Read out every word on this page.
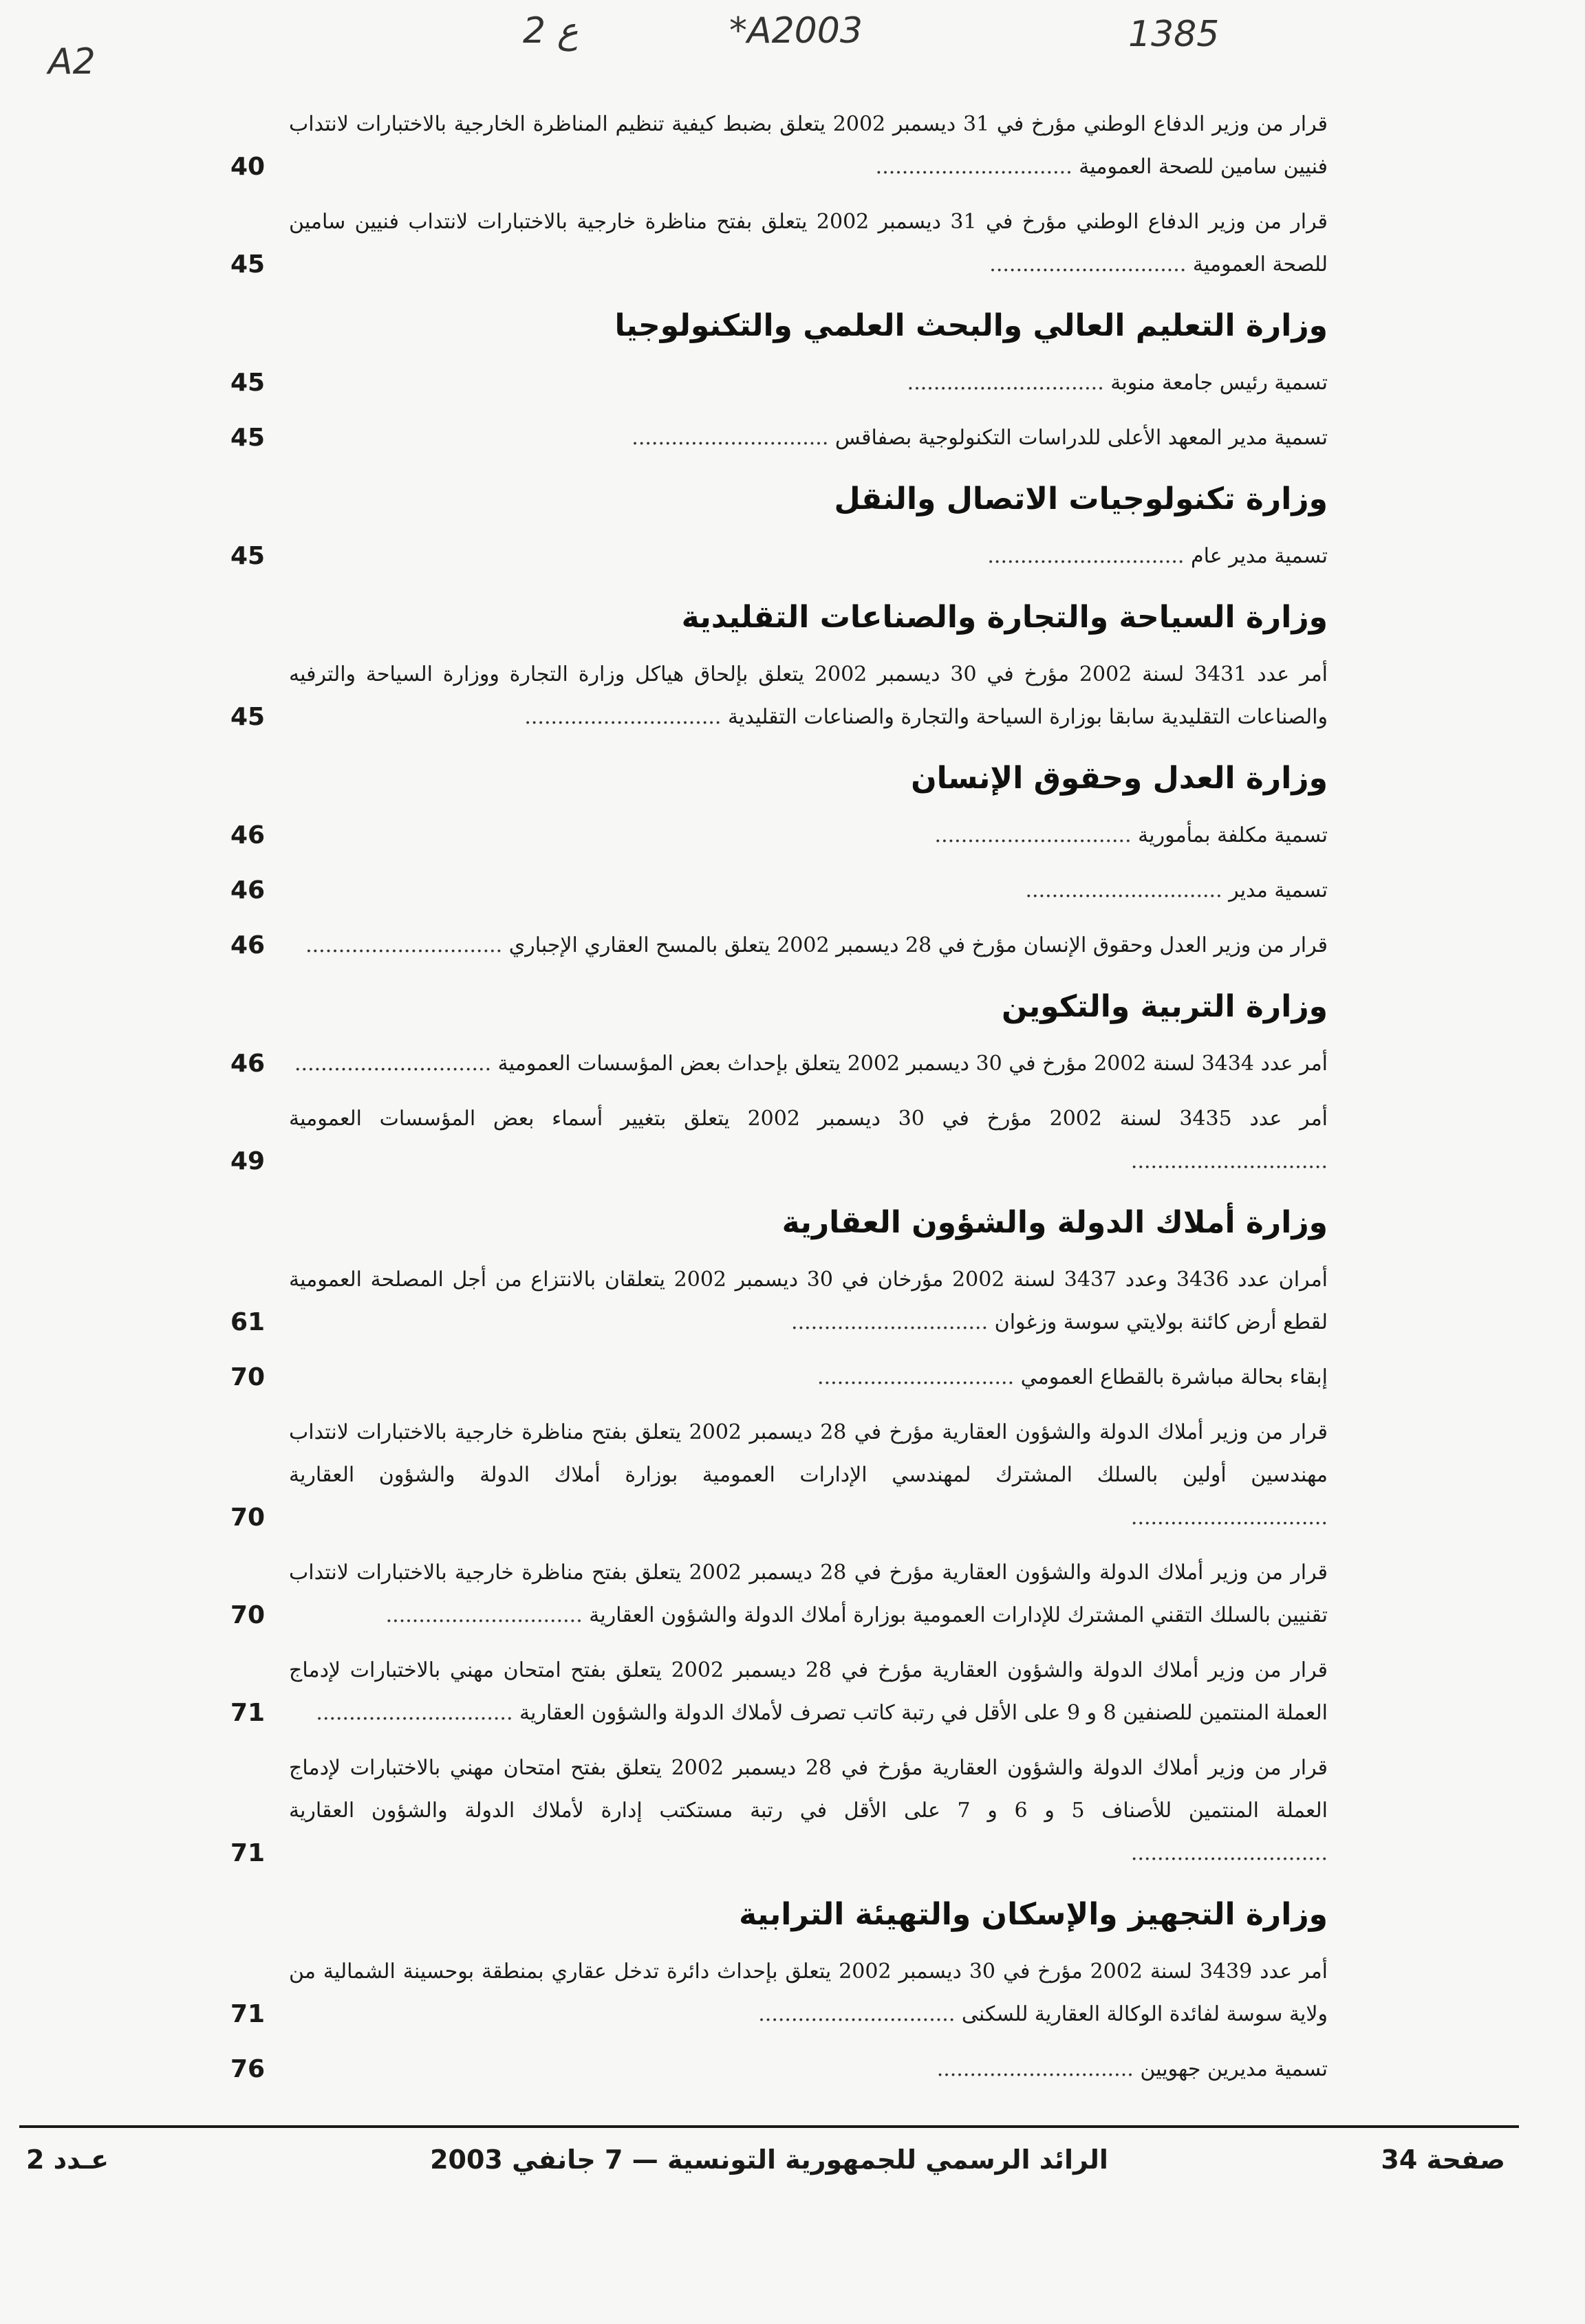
A2
2 ع	*A2003	1385
قرار من وزير الدفاع الوطني مؤرخ في 31 ديسمبر 2002 يتعلق بضبط كيفية تنظيم المناظرة الخارجية بالاختبارات لانتداب فنيين سامين للصحة العمومية ..............................
40
قرار من وزير الدفاع الوطني مؤرخ في 31 ديسمبر 2002 يتعلق بفتح مناظرة خارجية بالاختبارات لانتداب فنيين سامين للصحة العمومية ..............................
45
وزارة التعليم العالي والبحث العلمي والتكنولوجيا
تسمية رئيس جامعة منوبة ..............................
45
تسمية مدير المعهد الأعلى للدراسات التكنولوجية بصفاقس ..............................
45
وزارة تكنولوجيات الاتصال والنقل
تسمية مدير عام ..............................
45
وزارة السياحة والتجارة والصناعات التقليدية
أمر عدد 3431 لسنة 2002 مؤرخ في 30 ديسمبر 2002 يتعلق بإلحاق هياكل وزارة التجارة ووزارة السياحة والترفيه والصناعات التقليدية سابقا بوزارة السياحة والتجارة والصناعات التقليدية ..............................
45
وزارة العدل وحقوق الإنسان
تسمية مكلفة بمأمورية ..............................
46
تسمية مدير ..............................
46
قرار من وزير العدل وحقوق الإنسان مؤرخ في 28 ديسمبر 2002 يتعلق بالمسح العقاري الإجباري ..............................
46
وزارة التربية والتكوين
أمر عدد 3434 لسنة 2002 مؤرخ في 30 ديسمبر 2002 يتعلق بإحداث بعض المؤسسات العمومية ..............................
46
أمر عدد 3435 لسنة 2002 مؤرخ في 30 ديسمبر 2002 يتعلق بتغيير أسماء بعض المؤسسات العمومية ..............................
49
وزارة أملاك الدولة والشؤون العقارية
أمران عدد 3436 وعدد 3437 لسنة 2002 مؤرخان في 30 ديسمبر 2002 يتعلقان بالانتزاع من أجل المصلحة العمومية لقطع أرض كائنة بولايتي سوسة وزغوان ..............................
61
إبقاء بحالة مباشرة بالقطاع العمومي ..............................
70
قرار من وزير أملاك الدولة والشؤون العقارية مؤرخ في 28 ديسمبر 2002 يتعلق بفتح مناظرة خارجية بالاختبارات لانتداب مهندسين أولين بالسلك المشترك لمهندسي الإدارات العمومية بوزارة أملاك الدولة والشؤون العقارية ..............................
70
قرار من وزير أملاك الدولة والشؤون العقارية مؤرخ في 28 ديسمبر 2002 يتعلق بفتح مناظرة خارجية بالاختبارات لانتداب تقنيين بالسلك التقني المشترك للإدارات العمومية بوزارة أملاك الدولة والشؤون العقارية ..............................
70
قرار من وزير أملاك الدولة والشؤون العقارية مؤرخ في 28 ديسمبر 2002 يتعلق بفتح امتحان مهني بالاختبارات لإدماج العملة المنتمين للصنفين 8 و 9 على الأقل في رتبة كاتب تصرف لأملاك الدولة والشؤون العقارية ..............................
71
قرار من وزير أملاك الدولة والشؤون العقارية مؤرخ في 28 ديسمبر 2002 يتعلق بفتح امتحان مهني بالاختبارات لإدماج العملة المنتمين للأصناف 5 و 6 و 7 على الأقل في رتبة مستكتب إدارة لأملاك الدولة والشؤون العقارية ..............................
71
وزارة التجهيز والإسكان والتهيئة الترابية
أمر عدد 3439 لسنة 2002 مؤرخ في 30 ديسمبر 2002 يتعلق بإحداث دائرة تدخل عقاري بمنطقة بوحسينة الشمالية من ولاية سوسة لفائدة الوكالة العقارية للسكنى ..............................
71
تسمية مديرين جهويين ..............................
76
صفحة 34
الرائد الرسمي للجمهورية التونسية — 7 جانفي 2003
عـدد 2
